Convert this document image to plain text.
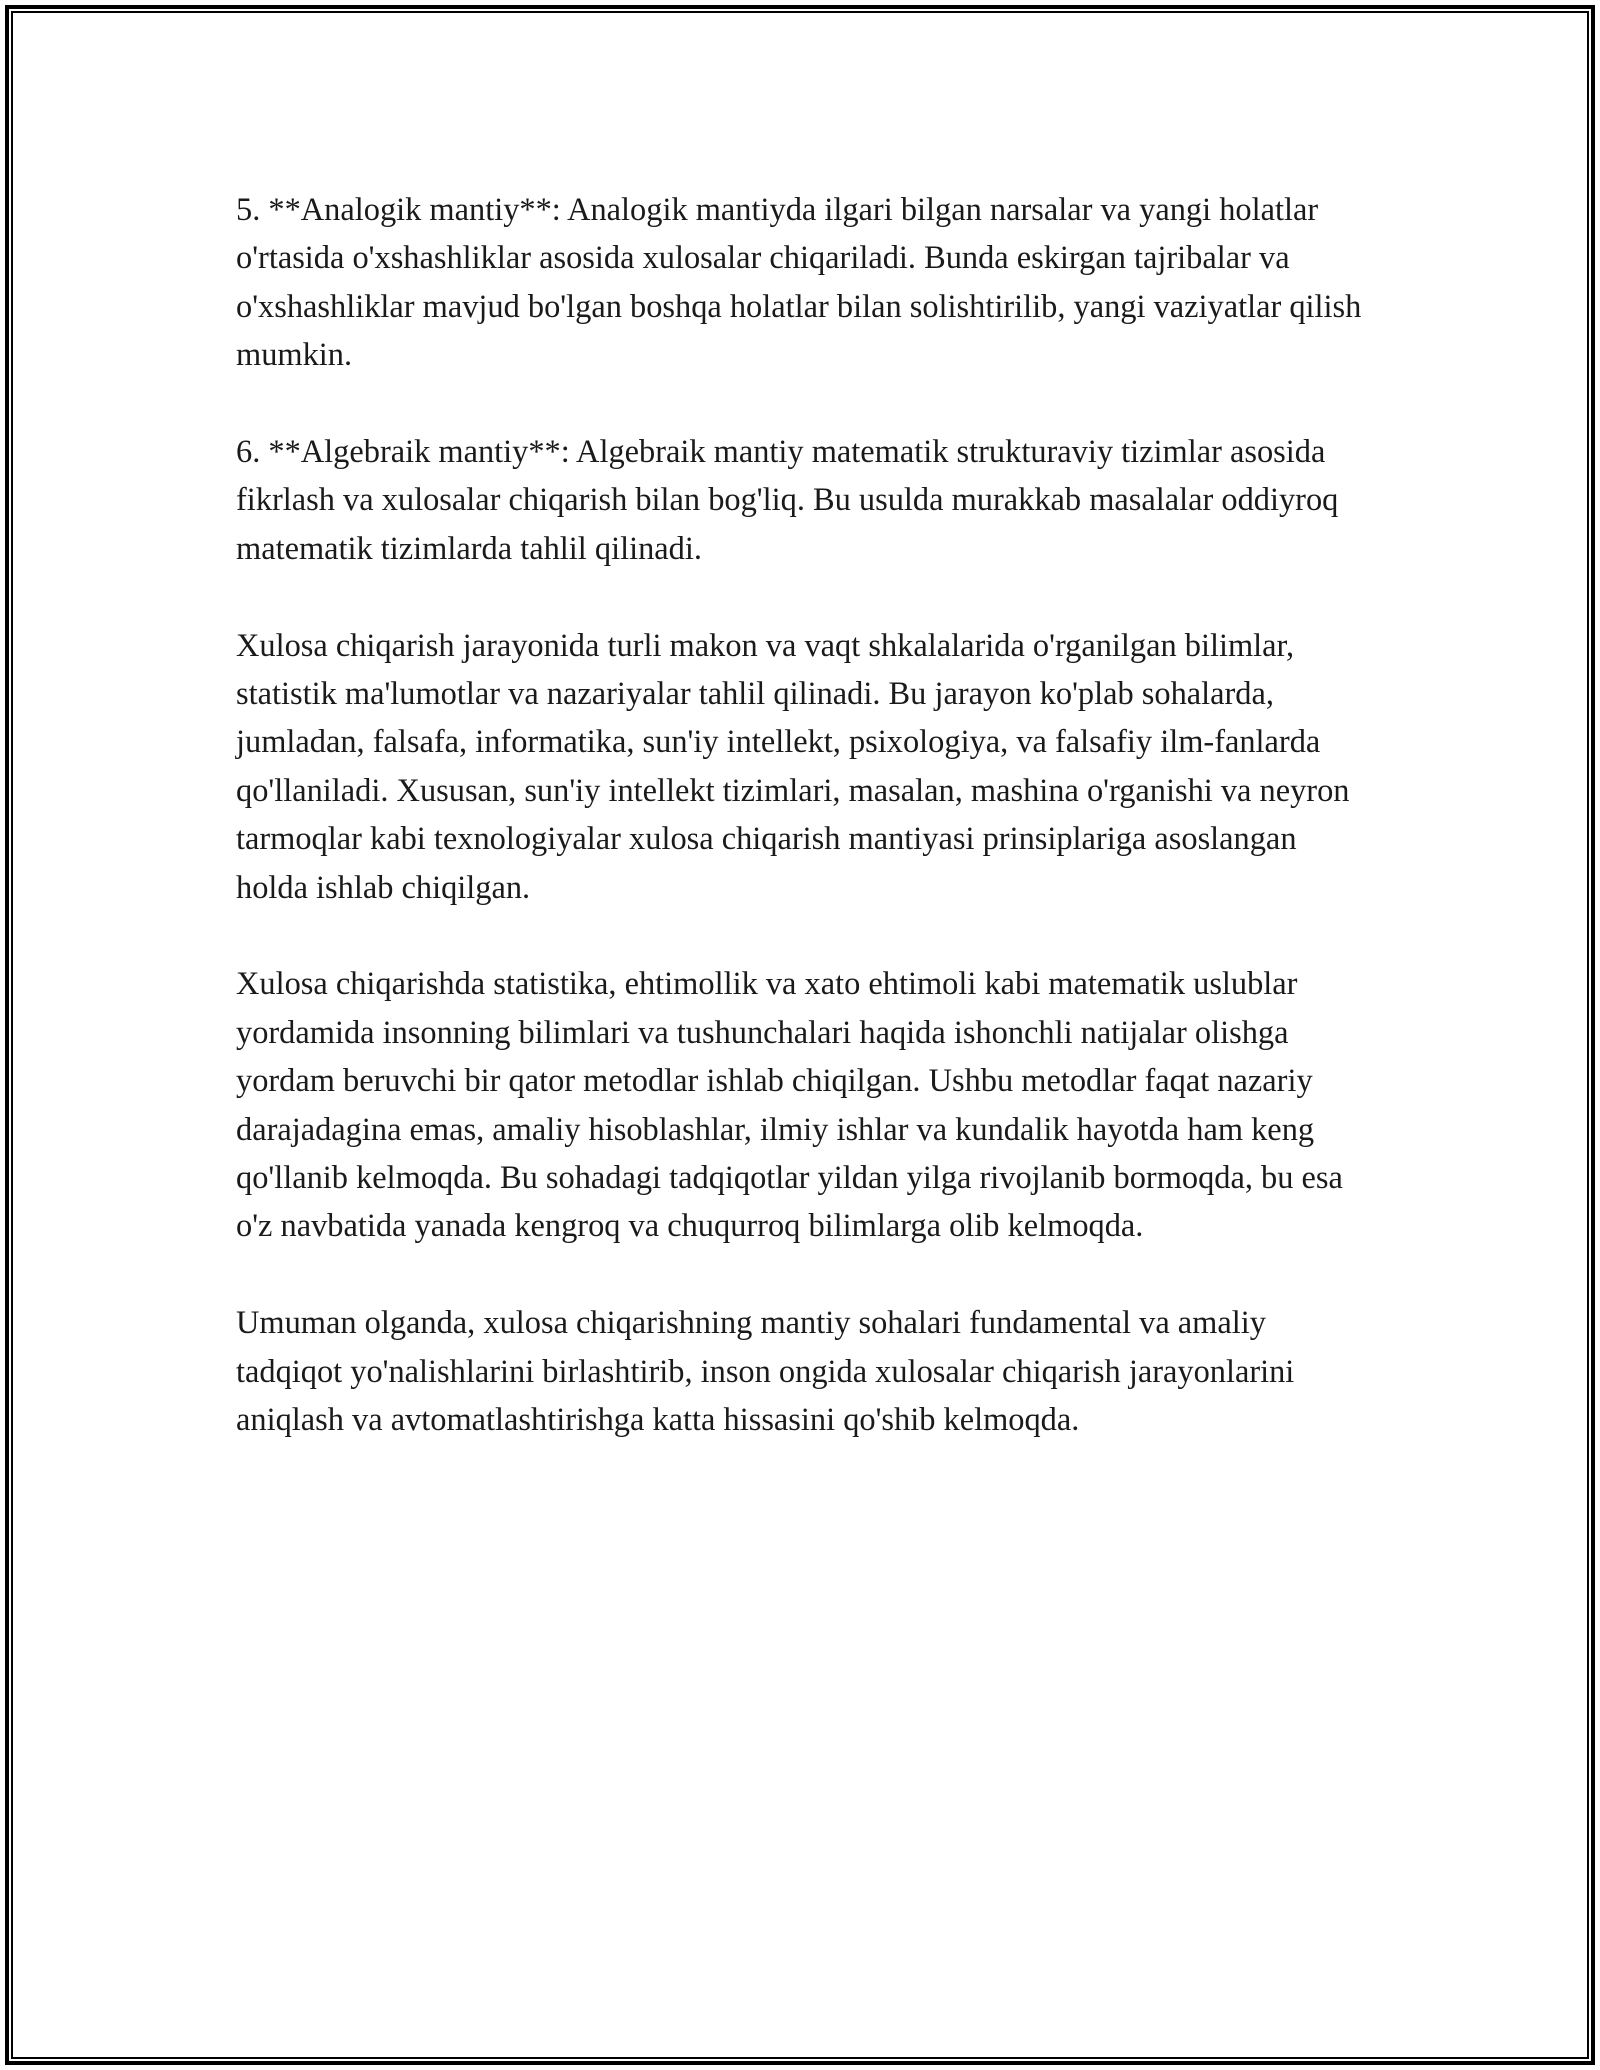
5. **Analogik mantiy**: Analogik mantiyda ilgari bilgan narsalar va yangi holatlar o'rtasida o'xshashliklar asosida xulosalar chiqariladi. Bunda eskirgan tajribalar va o'xshashliklar mavjud bo'lgan boshqa holatlar bilan solishtirilib, yangi vaziyatlar qilish mumkin.

6. **Algebraik mantiy**: Algebraik mantiy matematik strukturaviy tizimlar asosida fikrlash va xulosalar chiqarish bilan bog'liq. Bu usulda murakkab masalalar oddiyroq matematik tizimlarda tahlil qilinadi.

Xulosa chiqarish jarayonida turli makon va vaqt shkalalarida o'rganilgan bilimlar, statistik ma'lumotlar va nazariyalar tahlil qilinadi. Bu jarayon ko'plab sohalarda, jumladan, falsafa, informatika, sun'iy intellekt, psixologiya, va falsafiy ilm-fanlarda qo'llaniladi. Xususan, sun'iy intellekt tizimlari, masalan, mashina o'rganishi va neyron tarmoqlar kabi texnologiyalar xulosa chiqarish mantiyasi prinsiplariga asoslangan holda ishlab chiqilgan.

Xulosa chiqarishda statistika, ehtimollik va xato ehtimoli kabi matematik uslublar yordamida insonning bilimlari va tushunchalari haqida ishonchli natijalar olishga yordam beruvchi bir qator metodlar ishlab chiqilgan. Ushbu metodlar faqat nazariy darajadagina emas, amaliy hisoblashlar, ilmiy ishlar va kundalik hayotda ham keng qo'llanib kelmoqda. Bu sohadagi tadqiqotlar yildan yilga rivojlanib bormoqda, bu esa o'z navbatida yanada kengroq va chuqurroq bilimlarga olib kelmoqda.

Umuman olganda, xulosa chiqarishning mantiy sohalari fundamental va amaliy tadqiqot yo'nalishlarini birlashtirib, inson ongida xulosalar chiqarish jarayonlarini aniqlash va avtomatlashtirishga katta hissasini qo'shib kelmoqda.
